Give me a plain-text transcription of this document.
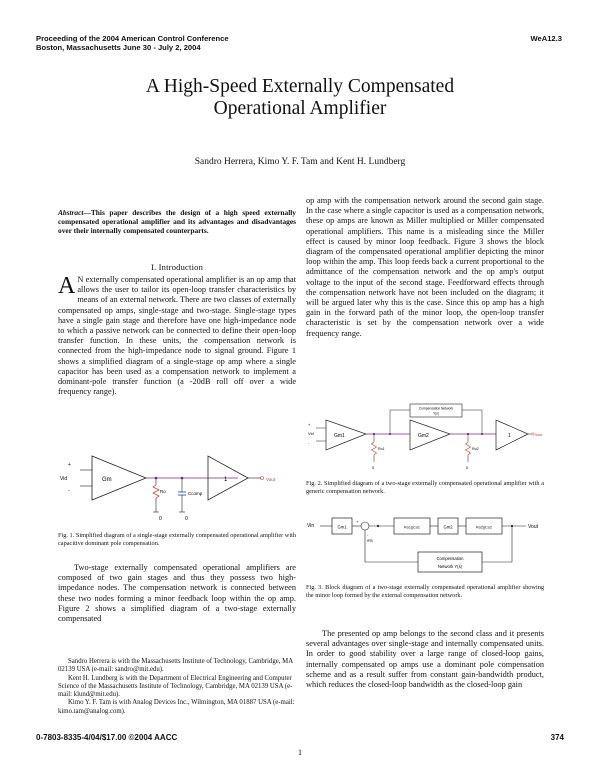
Proceeding of the 2004 American Control Conference
Boston, Massachusetts June 30 - July 2, 2004
WeA12.3
A High-Speed Externally Compensated
Operational Amplifier
Sandro Herrera, Kimo Y. F. Tam and Kent H. Lundberg
Abstract—This paper describes the design of a high speed externally compensated operational amplifier and its advantages and disadvantages over their internally compensated counterparts.
I. Introduction
A N externally compensated operational amplifier is an op amp that allows the user to tailor its open-loop transfer characteristics by means of an external network. There are two classes of externally compensated op amps, single-stage and two-stage. Single-stage types have a single gain stage and therefore have one high-impedance node to which a passive network can be connected to define their open-loop transfer function. In these units, the compensation network is connected from the high-impedance node to signal ground. Figure 1 shows a simplified diagram of a single-stage op amp where a single capacitor has been used as a compensation network to implement a dominant-pole transfer function (a -20dB roll off over a wide frequency range).
+
Vid
-
Gm
Ro	Ccomp
0	0
1	Vout
Fig. 1. Simplified diagram of a single-stage externally compensated operational amplifier with capacitive dominant pole compensation.
Two-stage externally compensated operational amplifiers are composed of two gain stages and thus they possess two high-impedance nodes. The compensation network is connected between these two nodes forming a minor feedback loop within the op amp. Figure 2 shows a simplified diagram of a two-stage externally compensated
Sandro Herrera is with the Massachusetts Institute of Technology, Cambridge, MA 02139 USA (e-mail: sandro@mit.edu).
Kent H. Lundberg is with the Department of Electrical Engineering and Computer Science of the Massachusetts Institute of Technology, Cambridge, MA 02139 USA (e-mail: klund@mit.edu).
Kimo Y. F. Tam is with Analog Devices Inc., Wilmington, MA 01887 USA (e-mail: kimo.tam@analog.com).
op amp with the compensation network around the second gain stage. In the case where a single capacitor is used as a compensation network, these op amps are known as Miller multiplied or Miller compensated operational amplifiers. This name is a misleading since the Miller effect is caused by minor loop feedback. Figure 3 shows the block diagram of the compensated operational amplifier depicting the minor loop within the amp. This loop feeds back a current proportional to the admittance of the compensation network and the op amp's output voltage to the input of the second stage. Feedforward effects through the compensation network have not been included on the diagram; it will be argued later why this is the case. Since this op amp has a high gain in the forward path of the minor loop, the open-loop transfer characteristic is set by the compensation network over a wide frequency range.
Compensation Network
Y(s)
+
Vid
-
Gm1
Ro1
0
Gm2
Ro2
0
1	Vout
Fig. 2. Simplified diagram of a two-stage externally compensated operational amplifier with a generic compensation network.
Vin	Gm1
+
-
Ro1||Co1	Gm2	Ro2||Co2	Vout
Compensation
Network Y(s)
IFB
Fig. 3. Block diagram of a two-stage externally compensated operational amplifier showing the minor loop formed by the external compensation network.
The presented op amp belongs to the second class and it presents several advantages over single-stage and internally compensated units. In order to good stability over a large range of closed-loop gains, internally compensated op amps use a dominant pole compensation scheme and as a result suffer from constant gain-bandwidth product, which reduces the closed-loop bandwidth as the closed-loop gain
0-7803-8335-4/04/$17.00 ©2004 AACC	374
1
